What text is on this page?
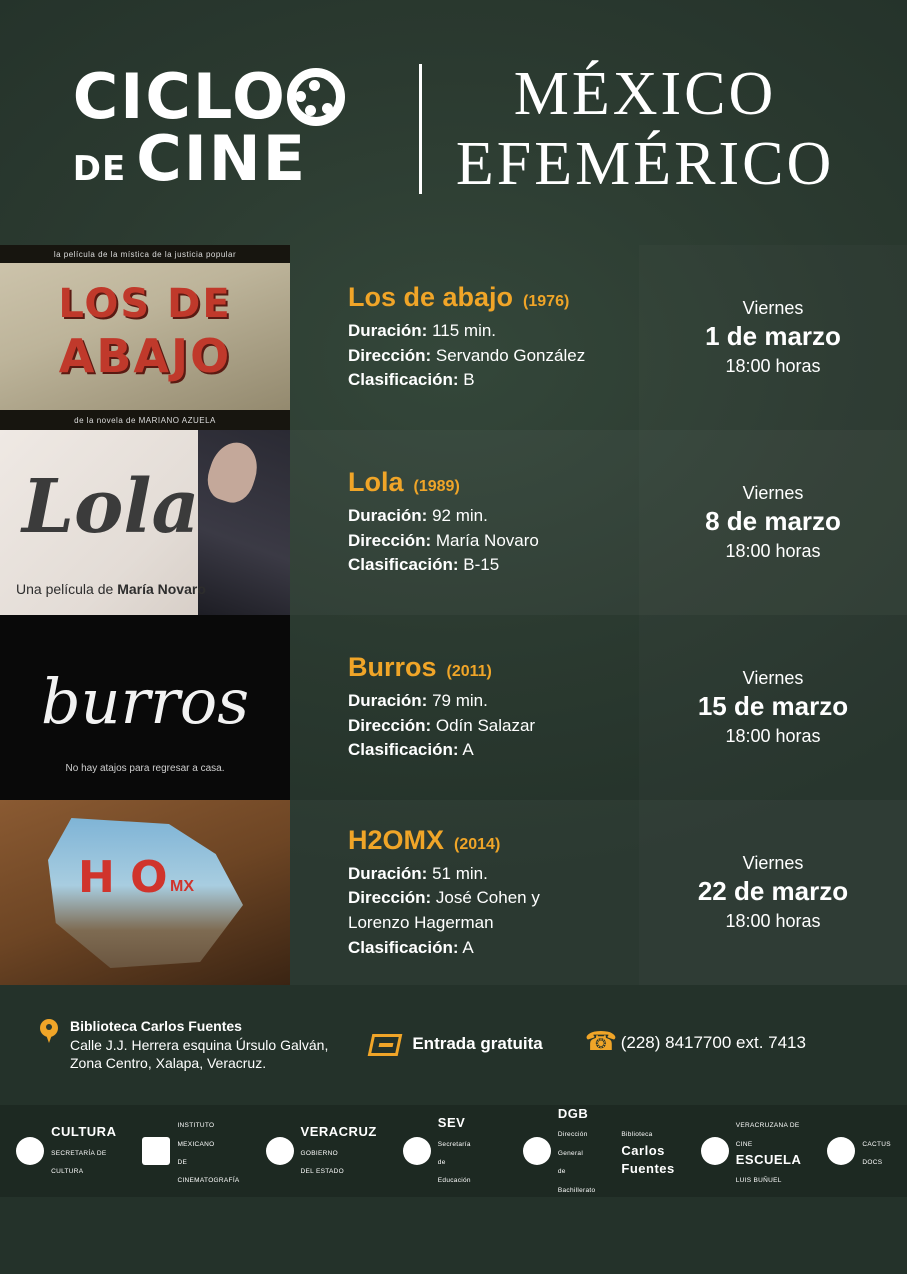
CICLO
DE CINE
MÉXICO
EFEMÉRICO
la película de la mística de la justicia popular
LOS DE
ABAJO
de la novela de MARIANO AZUELA
Los de abajo (1976)
Duración: 115 min.
Dirección: Servando González
Clasificación: B
Viernes
1 de marzo
18:00 horas
Lola
Una película de María Novaro
Lola (1989)
Duración: 92 min.
Dirección: María Novaro
Clasificación: B-15
Viernes
8 de marzo
18:00 horas
burros
No hay atajos para regresar a casa.
Burros (2011)
Duración: 79 min.
Dirección: Odín Salazar
Clasificación: A
Viernes
15 de marzo
18:00 horas
H O MX
H2OMX (2014)
Duración: 51 min.
Dirección: José Cohen y
Lorenzo Hagerman
Clasificación: A
Viernes
22 de marzo
18:00 horas
Biblioteca Carlos Fuentes
Calle J.J. Herrera esquina Úrsulo Galván,
Zona Centro, Xalapa, Veracruz.
Entrada gratuita ☎	(228) 8417700 ext. 7413
CULTURA
SECRETARÍA DE CULTURA
INSTITUTO MEXICANO
DE CINEMATOGRAFÍA
VERACRUZ
GOBIERNO
DEL ESTADO
SEV
Secretaría
de Educación
DGB
Dirección General
de Bachillerato
Biblioteca
Carlos
Fuentes
VERACRUZANA DE CINE
ESCUELA
LUIS BUÑUEL
CACTUS
DOCS
